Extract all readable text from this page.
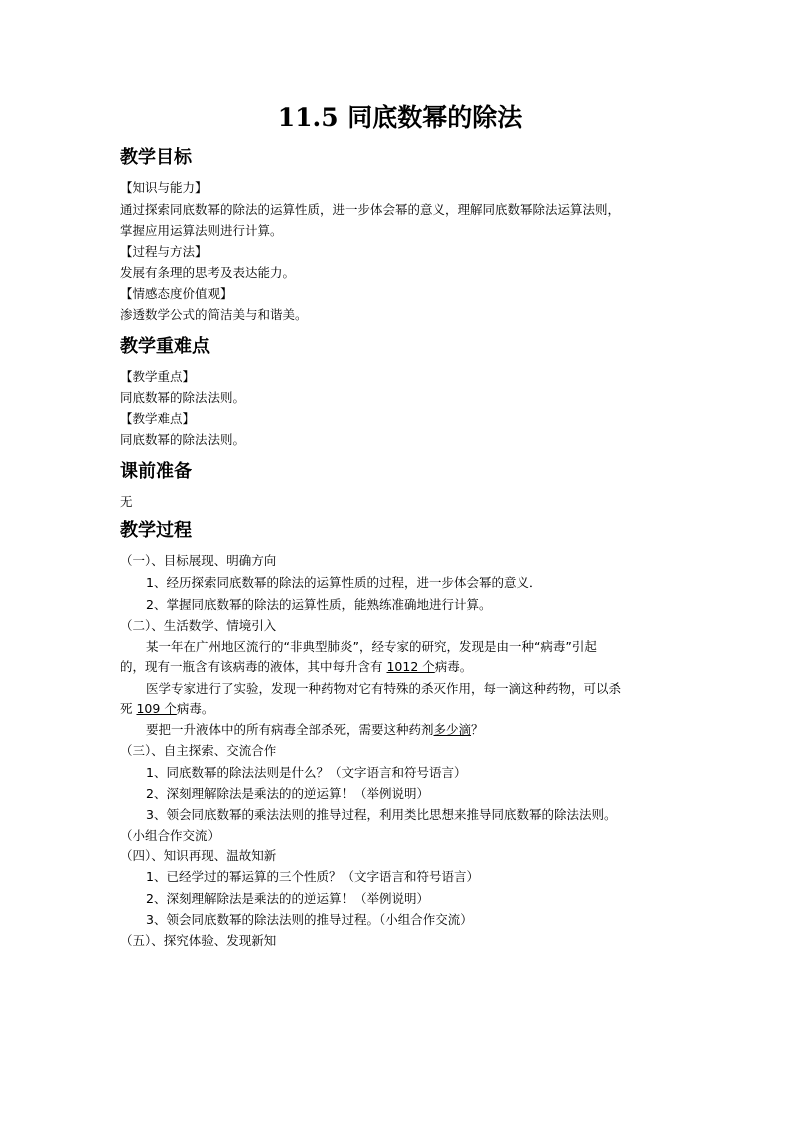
11.5 同底数幂的除法
教学目标
【知识与能力】
通过探索同底数幂的除法的运算性质，进一步体会幂的意义，理解同底数幂除法运算法则，
掌握应用运算法则进行计算。
【过程与方法】
发展有条理的思考及表达能力。
【情感态度价值观】
渗透数学公式的简洁美与和谐美。
教学重难点
【教学重点】
同底数幂的除法法则。
【教学难点】
同底数幂的除法法则。
课前准备
无
教学过程
（一）、目标展现、明确方向
1、经历探索同底数幂的除法的运算性质的过程，进一步体会幂的意义．
2、掌握同底数幂的除法的运算性质，能熟练准确地进行计算。
（二）、生活数学、情境引入
某一年在广州地区流行的“非典型肺炎”，经专家的研究，发现是由一种“病毒”引起
的，现有一瓶含有该病毒的液体，其中每升含有 1012 个病毒。
医学专家进行了实验，发现一种药物对它有特殊的杀灭作用，每一滴这种药物，可以杀
死 109 个病毒。
要把一升液体中的所有病毒全部杀死，需要这种药剂多少滴？
（三）、自主探索、交流合作
1、同底数幂的除法法则是什么？（文字语言和符号语言）
2、深刻理解除法是乘法的的逆运算！（举例说明）
3、领会同底数幂的乘法法则的推导过程，利用类比思想来推导同底数幂的除法法则。
（小组合作交流）
（四）、知识再现、温故知新
1、已经学过的幂运算的三个性质？（文字语言和符号语言）
2、深刻理解除法是乘法的的逆运算！（举例说明）
3、领会同底数幂的除法法则的推导过程。（小组合作交流）
（五）、探究体验、发现新知
